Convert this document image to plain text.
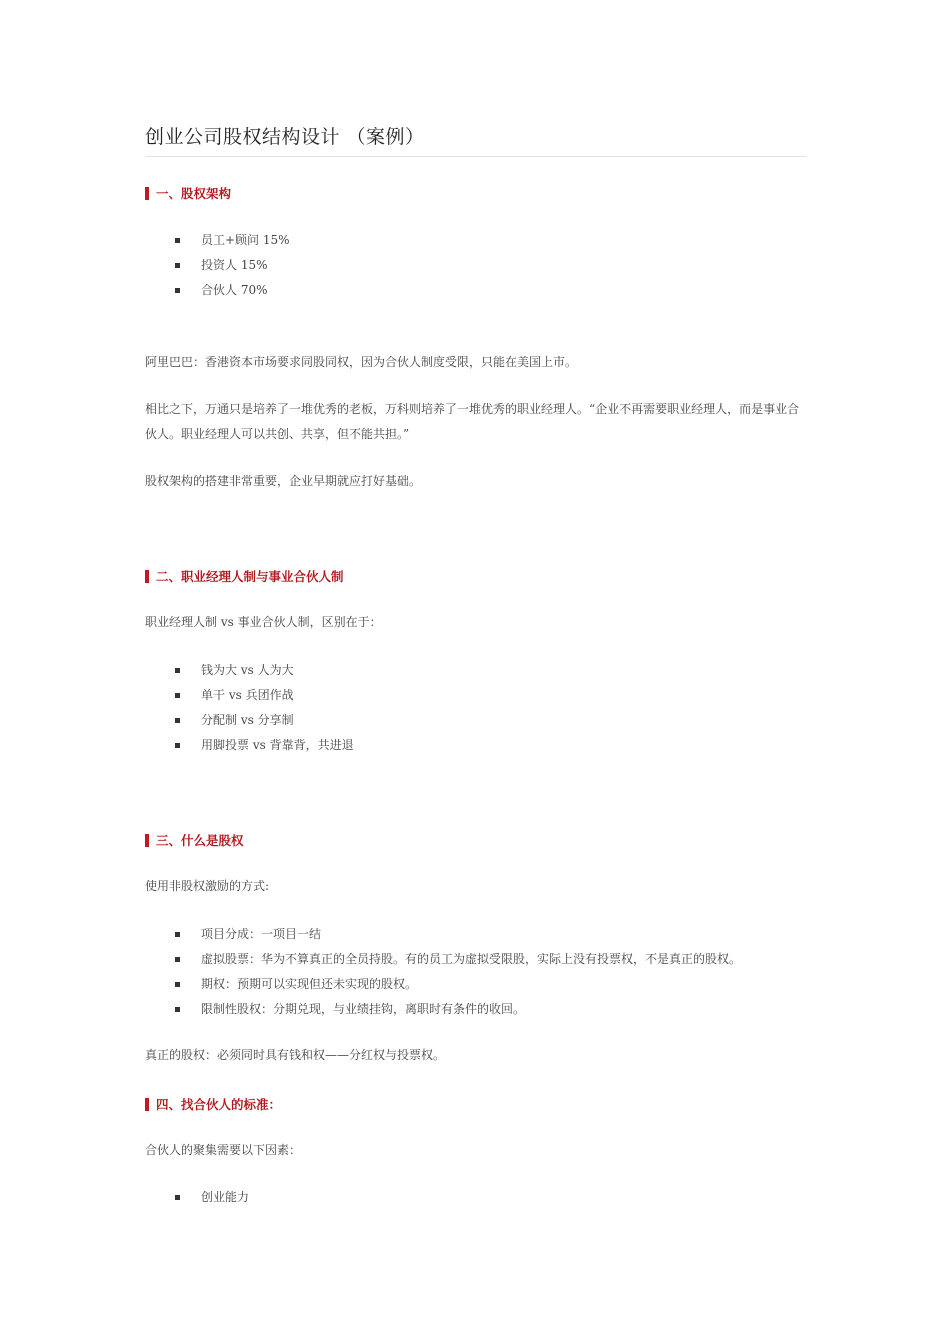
创业公司股权结构设计 （案例）
一、股权架构
员工+顾问 15%
投资人 15%
合伙人 70%
阿里巴巴：香港资本市场要求同股同权，因为合伙人制度受限，只能在美国上市。
相比之下，万通只是培养了一堆优秀的老板，万科则培养了一堆优秀的职业经理人。“企业不再需要职业经理人，而是事业合伙人。职业经理人可以共创、共享，但不能共担。”
股权架构的搭建非常重要，企业早期就应打好基础。
二、职业经理人制与事业合伙人制
职业经理人制 vs 事业合伙人制，区别在于：
钱为大 vs 人为大
单干 vs 兵团作战
分配制 vs 分享制
用脚投票 vs 背靠背，共进退
三、什么是股权
使用非股权激励的方式:
项目分成：一项目一结
虚拟股票：华为不算真正的全员持股。有的员工为虚拟受限股，实际上没有投票权，不是真正的股权。
期权：预期可以实现但还未实现的股权。
限制性股权：分期兑现，与业绩挂钩，离职时有条件的收回。
真正的股权：必须同时具有钱和权——分红权与投票权。
四、找合伙人的标准：
合伙人的聚集需要以下因素：
创业能力
